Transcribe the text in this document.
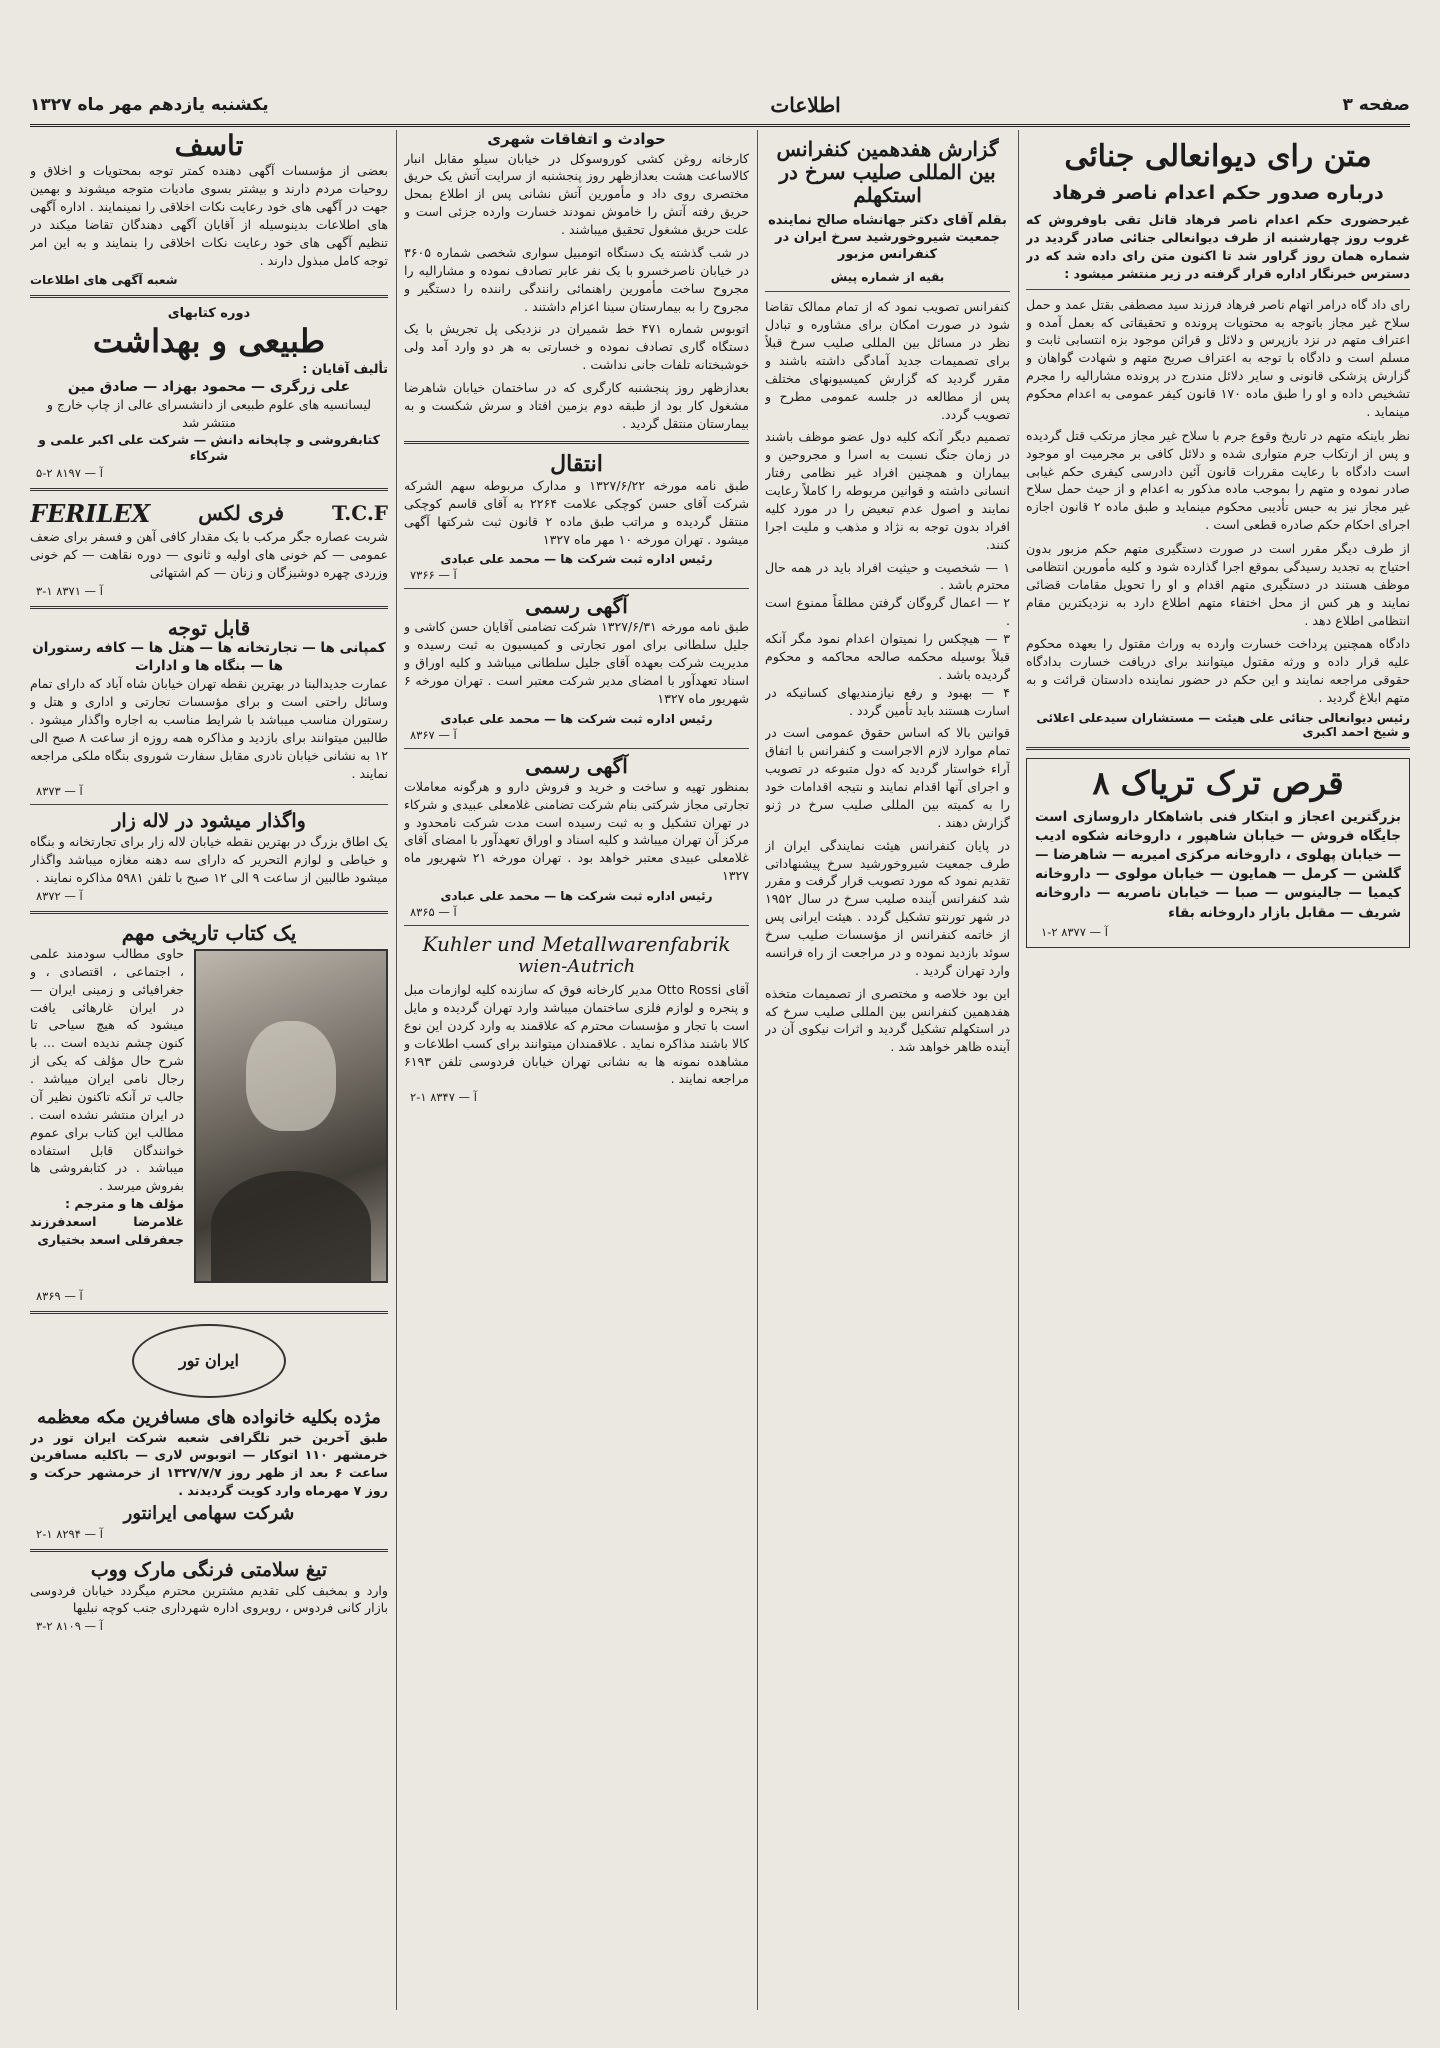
صفحه ۳
اطلاعات
یکشنبه یازدهم مهر ماه ۱۳۲۷
متن رای دیوانعالی جنائی
درباره صدور حکم اعدام ناصر فرهاد
غیرحضوری حکم اعدام ناصر فرهاد قاتل تقی باوفروش که غروب روز چهارشنبه از طرف دیوانعالی جنائی صادر گردید در شماره همان روز گراور شد تا اکنون متن رای داده شد که در دسترس خبرنگار اداره قرار گرفته در زیر منتشر میشود :
رای داد گاه درامر اتهام ناصر فرهاد فرزند سید مصطفی بقتل عمد و حمل سلاح غیر مجاز باتوجه به محتویات پرونده و تحقیقاتی که بعمل آمده و اعتراف متهم در نزد بازپرس و دلائل و قرائن موجود بزه انتسابی ثابت و مسلم است و دادگاه با توجه به اعتراف صریح متهم و شهادت گواهان و گزارش پزشکی قانونی و سایر دلائل مندرج در پرونده مشارالیه را مجرم تشخیص داده و او را طبق ماده ۱۷۰ قانون کیفر عمومی به اعدام محکوم مینماید .
نظر باینکه متهم در تاریخ وقوع جرم با سلاح غیر مجاز مرتکب قتل گردیده و پس از ارتکاب جرم متواری شده و دلائل کافی بر مجرمیت او موجود است دادگاه با رعایت مقررات قانون آئین دادرسی کیفری حکم غیابی صادر نموده و متهم را بموجب ماده مذکور به اعدام و از حیث حمل سلاح غیر مجاز نیز به حبس تأدیبی محکوم مینماید و طبق ماده ۲ قانون اجازه اجرای احکام حکم صادره قطعی است .
از طرف دیگر مقرر است در صورت دستگیری متهم حکم مزبور بدون احتیاج به تجدید رسیدگی بموقع اجرا گذارده شود و کلیه مأمورین انتظامی موظف هستند در دستگیری متهم اقدام و او را تحویل مقامات قضائی نمایند و هر کس از محل اختفاء متهم اطلاع دارد به نزدیکترین مقام انتظامی اطلاع دهد .
دادگاه همچنین پرداخت خسارت وارده به وراث مقتول را بعهده محکوم علیه قرار داده و ورثه مقتول میتوانند برای دریافت خسارت بدادگاه حقوقی مراجعه نمایند و این حکم در حضور نماینده دادستان قرائت و به متهم ابلاغ گردید .
رئیس دیوانعالی جنائی علی هیئت — مستشاران سیدعلی اعلائی و شیخ احمد اکبری
قرص ترک تریاک ۸
بزرگترین اعجاز و ابتکار فنی باشاهکار داروسازی است جایگاه فروش — خیابان شاهپور ، داروخانه شکوه ادیب — خیابان پهلوی ، داروخانه مرکزی امیریه — شاهرضا — گلشن — کرمل — همایون — خیابان مولوی — داروخانه کیمیا — جالینوس — صبا — خیابان ناصریه — داروخانه شریف — مقابل بازار داروخانه بقاء
آ — ۸۳۷۷ ۲-۱
گزارش هفدهمین کنفرانس بین المللی صلیب سرخ در استکهلم
بقلم آقای دکتر جهانشاه صالح نماینده جمعیت شیروخورشید سرخ ایران در کنفرانس مزبور
بقیه از شماره پیش
کنفرانس تصویب نمود که از تمام ممالک تقاضا شود در صورت امکان برای مشاوره و تبادل نظر در مسائل بین المللی صلیب سرخ قبلاً برای تصمیمات جدید آمادگی داشته باشند و مقرر گردید که گزارش کمیسیونهای مختلف پس از مطالعه در جلسه عمومی مطرح و تصویب گردد.
تصمیم دیگر آنکه کلیه دول عضو موظف باشند در زمان جنگ نسبت به اسرا و مجروحین و بیماران و همچنین افراد غیر نظامی رفتار انسانی داشته و قوانین مربوطه را کاملاً رعایت نمایند و اصول عدم تبعیض را در مورد کلیه افراد بدون توجه به نژاد و مذهب و ملیت اجرا کنند.
۱ — شخصیت و حیثیت افراد باید در همه حال محترم باشد .
۲ — اعمال گروگان گرفتن مطلقاً ممنوع است .
۳ — هیچکس را نمیتوان اعدام نمود مگر آنکه قبلاً بوسیله محکمه صالحه محاکمه و محکوم گردیده باشد .
۴ — بهبود و رفع نیازمندیهای کسانیکه در اسارت هستند باید تأمین گردد .
قوانین بالا که اساس حقوق عمومی است در تمام موارد لازم الاجراست و کنفرانس با اتفاق آراء خواستار گردید که دول متبوعه در تصویب و اجرای آنها اقدام نمایند و نتیجه اقدامات خود را به کمیته بین المللی صلیب سرخ در ژنو گزارش دهند .
در پایان کنفرانس هیئت نمایندگی ایران از طرف جمعیت شیروخورشید سرخ پیشنهاداتی تقدیم نمود که مورد تصویب قرار گرفت و مقرر شد کنفرانس آینده صلیب سرخ در سال ۱۹۵۲ در شهر تورنتو تشکیل گردد . هیئت ایرانی پس از خاتمه کنفرانس از مؤسسات صلیب سرخ سوئد بازدید نموده و در مراجعت از راه فرانسه وارد تهران گردید .
این بود خلاصه و مختصری از تصمیمات متخذه هفدهمین کنفرانس بین المللی صلیب سرخ که در استکهلم تشکیل گردید و اثرات نیکوی آن در آینده ظاهر خواهد شد .
حوادث و اتفاقات شهری
کارخانه روغن کشی کوروسوکل در خیابان سیلو مقابل انبار کالاساعت هشت بعدازظهر روز پنجشنبه از سرایت آتش یک حریق مختصری روی داد و مأمورین آتش نشانی پس از اطلاع بمحل حریق رفته آتش را خاموش نمودند خسارت وارده جزئی است و علت حریق مشغول تحقیق میباشند .
در شب گذشته یک دستگاه اتومبیل سواری شخصی شماره ۳۶۰۵ در خیابان ناصرخسرو با یک نفر عابر تصادف نموده و مشارالیه را مجروح ساخت مأمورین راهنمائی رانندگی راننده را دستگیر و مجروح را به بیمارستان سینا اعزام داشتند .
اتوبوس شماره ۴۷۱ خط شمیران در نزدیکی پل تجریش با یک دستگاه گاری تصادف نموده و خسارتی به هر دو وارد آمد ولی خوشبختانه تلفات جانی نداشت .
بعدازظهر روز پنجشنبه کارگری که در ساختمان خیابان شاهرضا مشغول کار بود از طبقه دوم بزمین افتاد و سرش شکست و به بیمارستان منتقل گردید .
انتقال
طبق نامه مورخه ۱۳۲۷/۶/۲۲ و مدارک مربوطه سهم الشرکه شرکت آقای حسن کوچکی علامت ۲۲۶۴ به آقای قاسم کوچکی منتقل گردیده و مراتب طبق ماده ۲ قانون ثبت شرکتها آگهی میشود . تهران مورخه ۱۰ مهر ماه ۱۳۲۷
رئیس اداره ثبت شرکت ها — محمد علی عبادی
آ — ۷۳۶۶
آگهی رسمی
طبق نامه مورخه ۱۳۲۷/۶/۳۱ شرکت تضامنی آقایان حسن کاشی و جلیل سلطانی برای امور تجارتی و کمیسیون به ثبت رسیده و مدیریت شرکت بعهده آقای جلیل سلطانی میباشد و کلیه اوراق و اسناد تعهدآور با امضای مدیر شرکت معتبر است . تهران مورخه ۶ شهریور ماه ۱۳۲۷
رئیس اداره ثبت شرکت ها — محمد علی عبادی
آ — ۸۳۶۷
آگهی رسمی
بمنظور تهیه و ساخت و خرید و فروش دارو و هرگونه معاملات تجارتی مجاز شرکتی بنام شرکت تضامنی غلامعلی عبیدی و شرکاء در تهران تشکیل و به ثبت رسیده است مدت شرکت نامحدود و مرکز آن تهران میباشد و کلیه اسناد و اوراق تعهدآور با امضای آقای غلامعلی عبیدی معتبر خواهد بود . تهران مورخه ۲۱ شهریور ماه ۱۳۲۷
رئیس اداره ثبت شرکت ها — محمد علی عبادی
آ — ۸۳۶۵
Kuhler und Metallwarenfabrik
wien-Autrich
آقای Otto Rossi مدیر کارخانه فوق که سازنده کلیه لوازمات مبل و پنجره و لوازم فلزی ساختمان میباشد وارد تهران گردیده و مایل است با تجار و مؤسسات محترم که علاقمند به وارد کردن این نوع کالا باشند مذاکره نماید . علاقمندان میتوانند برای کسب اطلاعات و مشاهده نمونه ها به نشانی تهران خیابان فردوسی تلفن ۶۱۹۳ مراجعه نمایند .
آ — ۸۳۴۷ ۱-۲
تاسف
بعضی از مؤسسات آگهی دهنده کمتر توجه بمحتویات و اخلاق و روحیات مردم دارند و بیشتر بسوی مادیات متوجه میشوند و بهمین جهت در آگهی های خود رعایت نکات اخلاقی را نمینمایند . اداره آگهی های اطلاعات بدینوسیله از آقایان آگهی دهندگان تقاضا میکند در تنظیم آگهی های خود رعایت نکات اخلاقی را بنمایند و به این امر توجه کامل مبذول دارند .
شعبه آگهی های اطلاعات
دوره کتابهای
طبیعی و بهداشت
تألیف آقایان :
علی زرگری — محمود بهزاد — صادق مین
لیسانسیه های علوم طبیعی از دانشسرای عالی از چاپ خارج و منتشر شد
کتابفروشی و چاپخانه دانش — شرکت علی اکبر علمی و شرکاء
آ — ۸۱۹۷ ۲-۵
T.C.F
فری لکس
FERILEX
شربت عصاره جگر مرکب با یک مقدار کافی آهن و فسفر برای ضعف عمومی — کم خونی های اولیه و ثانوی — دوره نقاهت — کم خونی وزردی چهره دوشیزگان و زنان — کم اشتهائی
آ — ۸۳۷۱ ۱-۳
قابل توجه
کمپانی ها — تجارتخانه ها — هتل ها — کافه رستوران ها — بنگاه ها و ادارات
عمارت جدیدالبنا در بهترین نقطه تهران خیابان شاه آباد که دارای تمام وسائل راحتی است و برای مؤسسات تجارتی و اداری و هتل و رستوران مناسب میباشد با شرایط مناسب به اجاره واگذار میشود . طالبین میتوانند برای بازدید و مذاکره همه روزه از ساعت ۸ صبح الی ۱۲ به نشانی خیابان نادری مقابل سفارت شوروی بنگاه ملکی مراجعه نمایند .
آ — ۸۳۷۳
واگذار میشود در لاله زار
یک اطاق بزرگ در بهترین نقطه خیابان لاله زار برای تجارتخانه و بنگاه و خیاطی و لوازم التحریر که دارای سه دهنه مغازه میباشد واگذار میشود طالبین از ساعت ۹ الی ۱۲ صبح با تلفن ۵۹۸۱ مذاکره نمایند .
آ — ۸۳۷۲
یک کتاب تاریخی مهم
حاوی مطالب سودمند علمی ، اجتماعی ، اقتصادی ، و جغرافیائی و زمینی ایران — در ایران غارهائی یافت میشود که هیچ سیاحی تا کنون چشم ندیده است ... با شرح حال مؤلف که یکی از رجال نامی ایران میباشد . جالب تر آنکه تاکنون نظیر آن در ایران منتشر نشده است . مطالب این کتاب برای عموم خوانندگان قابل استفاده میباشد . در کتابفروشی ها بفروش میرسد .
مؤلف ها و مترجم :
غلامرضا اسعدفرزند جعفرقلی اسعد بختیاری
آ — ۸۳۶۹
ایران تور
مژده بکلیه خانواده های مسافرین مکه معظمه
طبق آخرین خبر تلگرافی شعبه شرکت ایران تور در خرمشهر ۱۱۰ اتوکار — اتوبوس لاری — باکلیه مسافرین ساعت ۶ بعد از ظهر روز ۱۳۲۷/۷/۷ از خرمشهر حرکت و روز ۷ مهرماه وارد کویت گردیدند .
شرکت سهامی ایرانتور
آ — ۸۲۹۴ ۱-۲
تیغ سلامتی فرنگی مارک ووب
وارد و بمخبف کلی تقدیم مشترین محترم میگردد خیابان فردوسی بازار کانی فردوس ، روبروی اداره شهرداری جنب کوچه نبلیها
آ — ۸۱۰۹ ۲-۳
